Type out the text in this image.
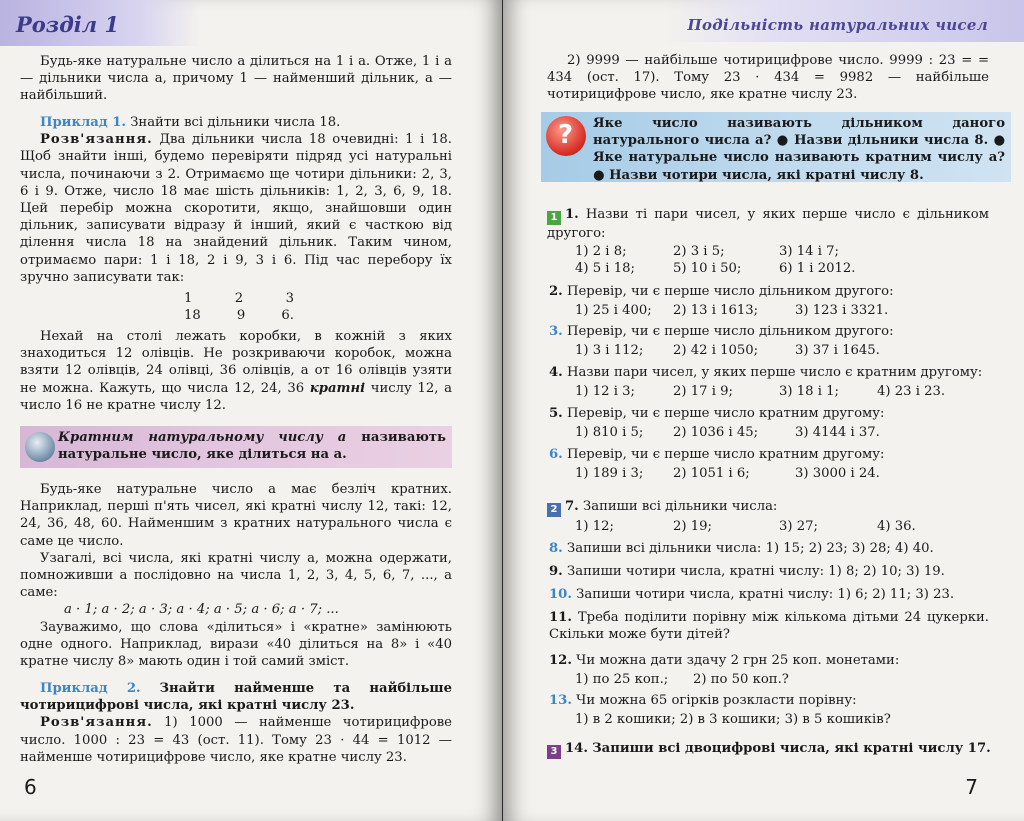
Розділ 1

Будь-яке натуральне число a ділиться на 1 і a. Отже, 1 і a — дільники числа a, причому 1 — найменший дільник, a — найбільший.

Приклад 1. Знайти всі дільники числа 18.

Розв'язання. Два дільники числа 18 очевидні: 1 і 18. Щоб знайти інші, будемо перевіряти підряд усі натуральні числа, починаючи з 2. Отримаємо ще чотири дільники: 2, 3, 6 і 9. Отже, число 18 має шість дільників: 1, 2, 3, 6, 9, 18. Цей перебір можна скоротити, якщо, знайшовши один дільник, записувати відразу й інший, який є часткою від ділення числа 18 на знайдений дільник. Таким чином, отримаємо пари: 1 і 18, 2 і 9, 3 і 6. Під час перебору їх зручно записувати так:

1	2	3
18	9	6.

Нехай на столі лежать коробки, в кожній з яких знаходиться 12 олівців. Не розкриваючи коробок, можна взяти 12 олівців, 24 олівці, 36 олівців, а от 16 олівців узяти не можна. Кажуть, що числа 12, 24, 36 кратні числу 12, а число 16 не кратне числу 12.

Кратним натуральному числу a називають натуральне число, яке ділиться на a.

Будь-яке натуральне число a має безліч кратних. Наприклад, перші п'ять чисел, які кратні числу 12, такі: 12, 24, 36, 48, 60. Найменшим з кратних натурального числа є саме це число.

Узагалі, всі числа, які кратні числу a, можна одержати, помноживши a послідовно на числа 1, 2, 3, 4, 5, 6, 7, ..., а саме:

a · 1; a · 2; a · 3; a · 4; a · 5; a · 6; a · 7; ...

Зауважимо, що слова «ділиться» і «кратне» замінюють одне одного. Наприклад, вирази «40 ділиться на 8» і «40 кратне числу 8» мають один і той самий зміст.

Приклад 2. Знайти найменше та найбільше чотирицифрові числа, які кратні числу 23.

Розв'язання. 1) 1000 — найменше чотирицифрове число. 1000 : 23 = 43 (ост. 11). Тому 23 · 44 = 1012 — найменше чотирицифрове число, яке кратне числу 23.

6
Подільність натуральних чисел

2) 9999 — найбільше чотирицифрове число. 9999 : 23 = = 434 (ост. 17). Тому 23 · 434 = 9982 — найбільше чотирицифрове число, яке кратне числу 23.

?
Яке число називають дільником даного натурального числа a? ● Назви дільники числа 8. ● Яке натуральне число називають кратним числу a? ● Назви чотири числа, які кратні числу 8.

1 1. Назви ті пари чисел, у яких перше число є дільником другого:

1) 2 і 8;	2) 3 і 5;	3) 14 і 7;
4) 5 і 18;	5) 10 і 50;	6) 1 і 2012.
2. Перевір, чи є перше число дільником другого:
1) 25 і 400; 2) 13 і 1613;	3) 123 і 3321.
3. Перевір, чи є перше число дільником другого:
1) 3 і 112; 2) 42 і 1050;	3) 37 і 1645.
4. Назви пари чисел, у яких перше число є кратним другому:
1) 12 і 3;	2) 17 і 9;	3) 18 і 1;	4) 23 і 23.
5. Перевір, чи є перше число кратним другому:
1) 810 і 5; 2) 1036 і 45;	3) 4144 і 37.
6. Перевір, чи є перше число кратним другому:
1) 189 і 3; 2) 1051 і 6;	3) 3000 і 24.
2 7. Запиши всі дільники числа:
1) 12;	2) 19;	3) 27;	4) 36.
8. Запиши всі дільники числа: 1) 15; 2) 23; 3) 28; 4) 40.
9. Запиши чотири числа, кратні числу: 1) 8; 2) 10; 3) 19.
10. Запиши чотири числа, кратні числу: 1) 6; 2) 11; 3) 23.

11. Треба поділити порівну між кількома дітьми 24 цукерки. Скільки може бути дітей?

12. Чи можна дати здачу 2 грн 25 коп. монетами:
1) по 25 коп.; 2) по 50 коп.?
13. Чи можна 65 огірків розкласти порівну:
1) в 2 кошики; 2) в 3 кошики; 3) в 5 кошиків?
3 14. Запиши всі двоцифрові числа, які кратні числу 17.
7
